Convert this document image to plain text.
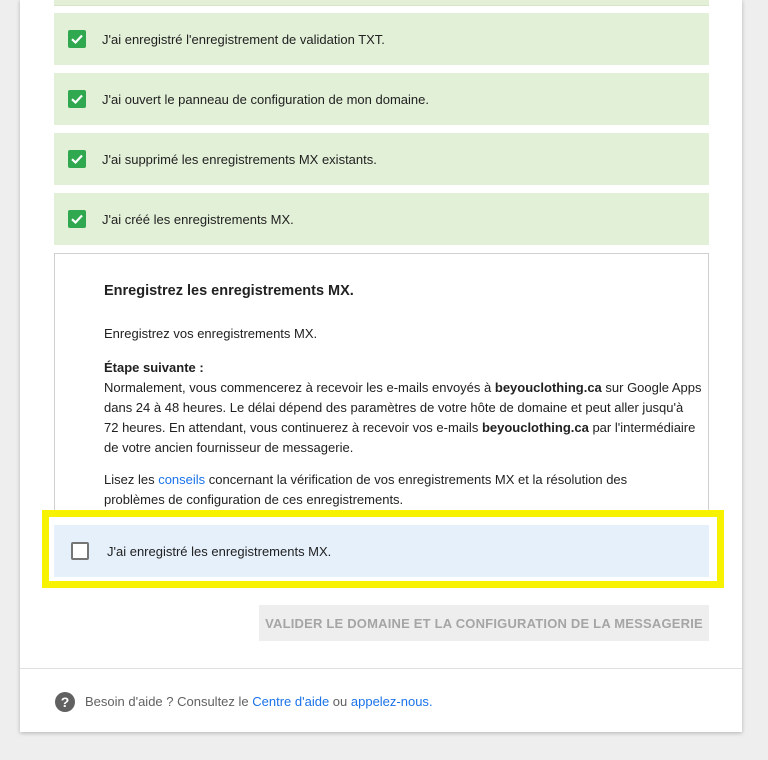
J'ai enregistré l'enregistrement de validation TXT.
J'ai ouvert le panneau de configuration de mon domaine.
J'ai supprimé les enregistrements MX existants.
J'ai créé les enregistrements MX.
Enregistrez les enregistrements MX.
Enregistrez vos enregistrements MX.
Étape suivante :
Normalement, vous commencerez à recevoir les e-mails envoyés à beyouclothing.ca sur Google Apps
dans 24 à 48 heures. Le délai dépend des paramètres de votre hôte de domaine et peut aller jusqu'à
72 heures. En attendant, vous continuerez à recevoir vos e-mails beyouclothing.ca par l'intermédiaire
de votre ancien fournisseur de messagerie.
Lisez les conseils concernant la vérification de vos enregistrements MX et la résolution des
problèmes de configuration de ces enregistrements.
J'ai enregistré les enregistrements MX.
VALIDER LE DOMAINE ET LA CONFIGURATION DE LA MESSAGERIE
?	Besoin d'aide ? Consultez le Centre d'aide ou appelez-nous.
